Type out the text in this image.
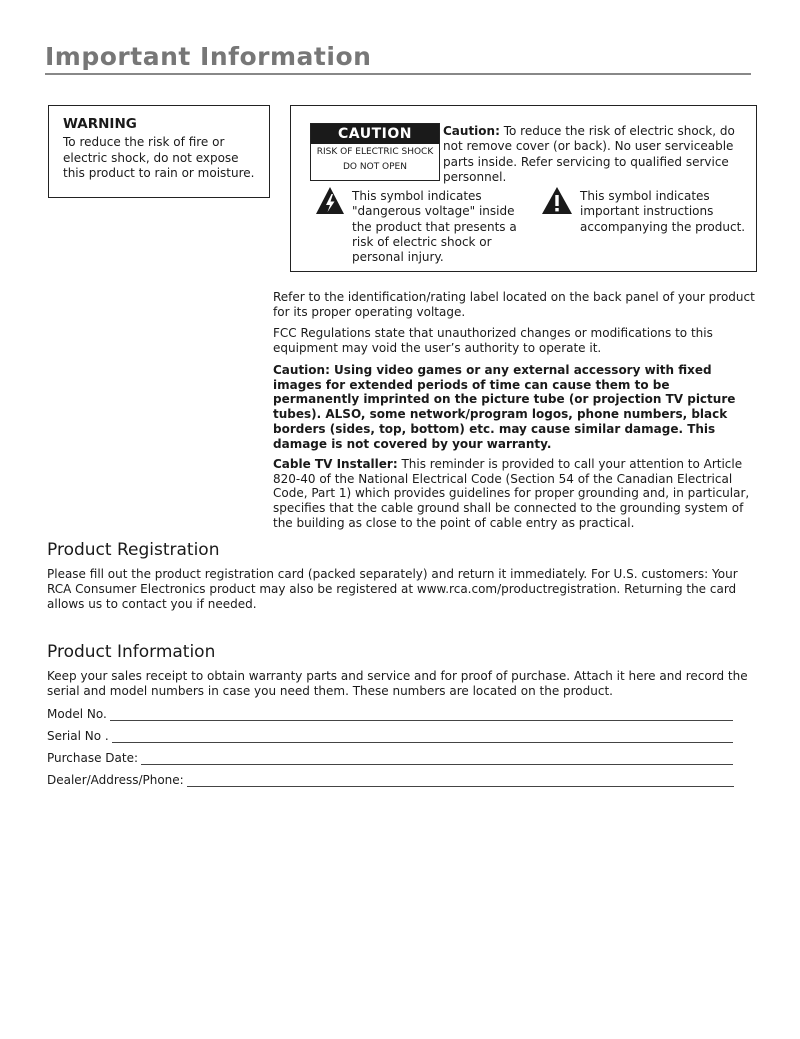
Important Information
WARNING
To reduce the risk of fire or electric shock, do not expose this product to rain or moisture.
CAUTION
RISK OF ELECTRIC SHOCK
DO NOT OPEN
Caution: To reduce the risk of electric shock, do not remove cover (or back). No user serviceable parts inside. Refer servicing to qualified service personnel.
This symbol indicates "dangerous voltage" inside the product that presents a risk of electric shock or personal injury.
This symbol indicates important instructions accompanying the product.
Refer to the identification/rating label located on the back panel of your product for its proper operating voltage.
FCC Regulations state that unauthorized changes or modifications to this equipment may void the user’s authority to operate it.
Caution: Using video games or any external accessory with fixed images for extended periods of time can cause them to be permanently imprinted on the picture tube (or projection TV picture tubes). ALSO, some network/program logos, phone numbers, black borders (sides, top, bottom) etc. may cause similar damage. This damage is not covered by your warranty.
Cable TV Installer: This reminder is provided to call your attention to Article 820-40 of the National Electrical Code (Section 54 of the Canadian Electrical Code, Part 1) which provides guidelines for proper grounding and, in particular, specifies that the cable ground shall be connected to the grounding system of the building as close to the point of cable entry as practical.
Product Registration
Please fill out the product registration card (packed separately) and return it immediately. For U.S. customers: Your RCA Consumer Electronics product may also be registered at www.rca.com/productregistration. Returning the card allows us to contact you if needed.
Product Information
Keep your sales receipt to obtain warranty parts and service and for proof of purchase. Attach it here and record the serial and model numbers in case you need them. These numbers are located on the product.
Model No.
Serial No .
Purchase Date:
Dealer/Address/Phone:
